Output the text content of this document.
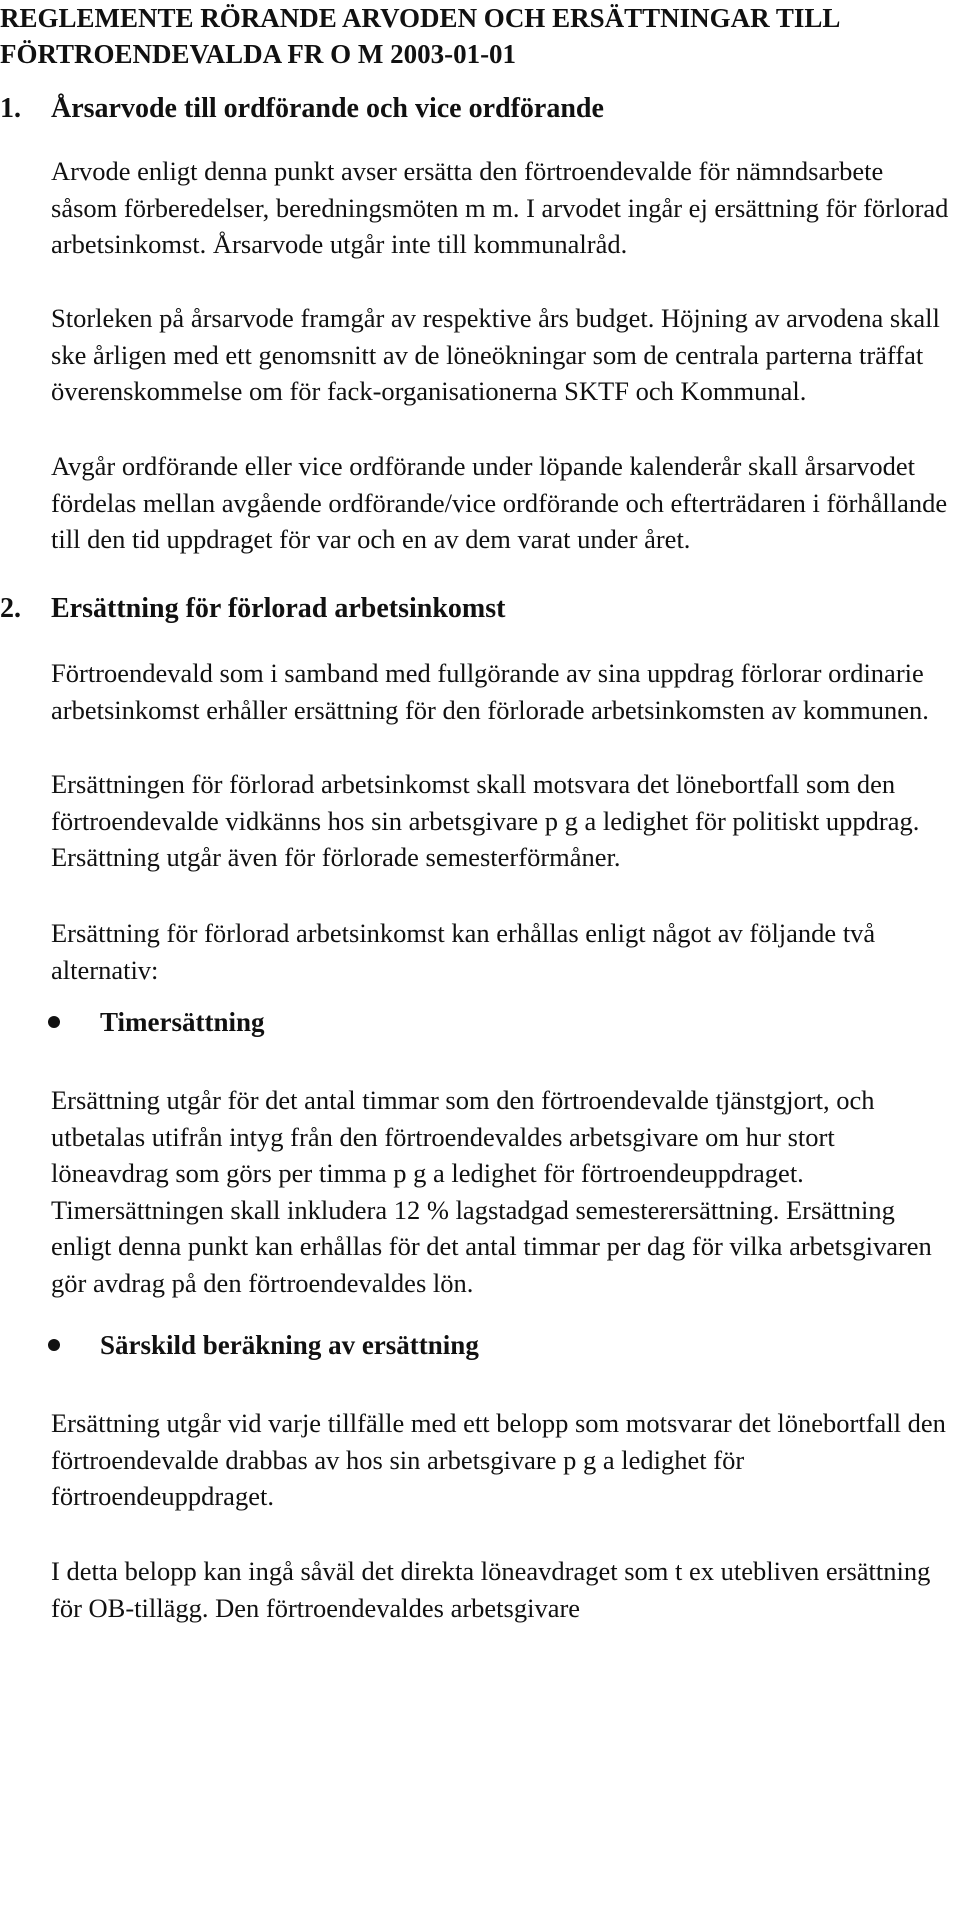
REGLEMENTE RÖRANDE ARVODEN OCH ERSÄTTNINGAR TILL FÖRTROENDEVALDA FR O M 2003-01-01
1. Årsarvode till ordförande och vice ordförande

Arvode enligt denna punkt avser ersätta den förtroendevalde för nämndsarbete såsom förberedelser, beredningsmöten m m. I arvodet ingår ej ersättning för förlorad arbetsinkomst. Årsarvode utgår inte till kommunalråd.

Storleken på årsarvode framgår av respektive års budget. Höjning av arvodena skall ske årligen med ett genomsnitt av de löneökningar som de centrala parterna träffat överenskommelse om för fack-organisationerna SKTF och Kommunal.

Avgår ordförande eller vice ordförande under löpande kalenderår skall årsarvodet fördelas mellan avgående ordförande/vice ordförande och efterträdaren i förhållande till den tid uppdraget för var och en av dem varat under året.

2. Ersättning för förlorad arbetsinkomst

Förtroendevald som i samband med fullgörande av sina uppdrag förlorar ordinarie arbetsinkomst erhåller ersättning för den förlorade arbetsinkomsten av kommunen.

Ersättningen för förlorad arbetsinkomst skall motsvara det lönebortfall som den förtroendevalde vidkänns hos sin arbetsgivare p g a ledighet för politiskt uppdrag. Ersättning utgår även för förlorade semesterförmåner.

Ersättning för förlorad arbetsinkomst kan erhållas enligt något av följande två alternativ:

Timersättning

Ersättning utgår för det antal timmar som den förtroendevalde tjänstgjort, och utbetalas utifrån intyg från den förtroendevaldes arbetsgivare om hur stort löneavdrag som görs per timma p g a ledighet för förtroendeuppdraget. Timersättningen skall inkludera 12 % lagstadgad semesterersättning. Ersättning enligt denna punkt kan erhållas för det antal timmar per dag för vilka arbetsgivaren gör avdrag på den förtroendevaldes lön.

Särskild beräkning av ersättning

Ersättning utgår vid varje tillfälle med ett belopp som motsvarar det lönebortfall den förtroendevalde drabbas av hos sin arbetsgivare p g a ledighet för förtroendeuppdraget.

I detta belopp kan ingå såväl det direkta löneavdraget som t ex utebliven ersättning för OB-tillägg. Den förtroendevaldes arbetsgivare
